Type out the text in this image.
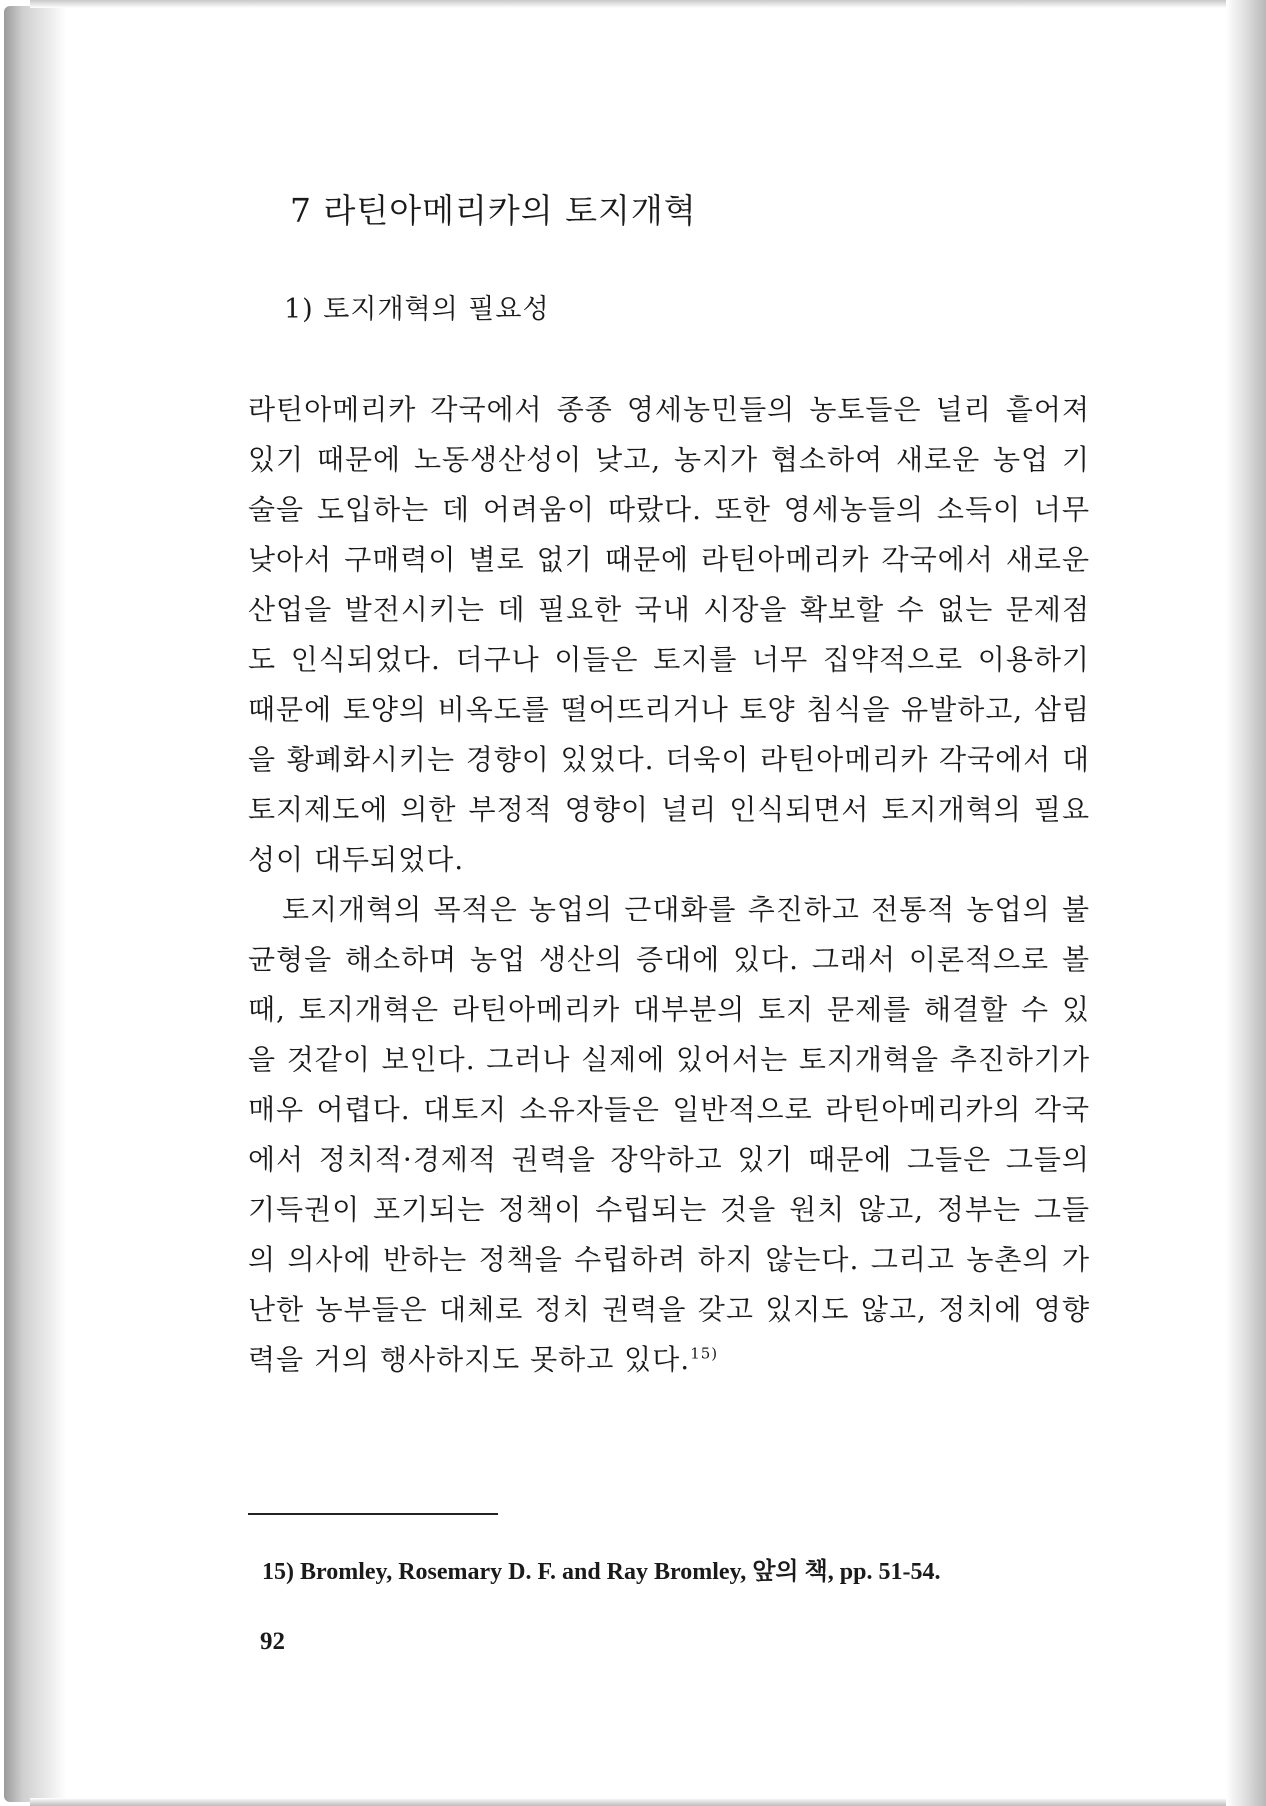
7 라틴아메리카의 토지개혁
1) 토지개혁의 필요성

라틴아메리카 각국에서 종종 영세농민들의 농토들은 널리 흩어져 있기 때문에 노동생산성이 낮고, 농지가 협소하여 새로운 농업 기술을 도입하는 데 어려움이 따랐다. 또한 영세농들의 소득이 너무 낮아서 구매력이 별로 없기 때문에 라틴아메리카 각국에서 새로운 산업을 발전시키는 데 필요한 국내 시장을 확보할 수 없는 문제점도 인식되었다. 더구나 이들은 토지를 너무 집약적으로 이용하기 때문에 토양의 비옥도를 떨어뜨리거나 토양 침식을 유발하고, 삼림을 황폐화시키는 경향이 있었다. 더욱이 라틴아메리카 각국에서 대토지제도에 의한 부정적 영향이 널리 인식되면서 토지개혁의 필요성이 대두되었다.

토지개혁의 목적은 농업의 근대화를 추진하고 전통적 농업의 불균형을 해소하며 농업 생산의 증대에 있다. 그래서 이론적으로 볼 때, 토지개혁은 라틴아메리카 대부분의 토지 문제를 해결할 수 있을 것같이 보인다. 그러나 실제에 있어서는 토지개혁을 추진하기가 매우 어렵다. 대토지 소유자들은 일반적으로 라틴아메리카의 각국에서 정치적·경제적 권력을 장악하고 있기 때문에 그들은 그들의 기득권이 포기되는 정책이 수립되는 것을 원치 않고, 정부는 그들의 의사에 반하는 정책을 수립하려 하지 않는다. 그리고 농촌의 가난한 농부들은 대체로 정치 권력을 갖고 있지도 않고, 정치에 영향력을 거의 행사하지도 못하고 있다.$^{15)}$

15) Bromley, Rosemary D. F. and Ray Bromley, 앞의 책, pp. 51-54.
92
